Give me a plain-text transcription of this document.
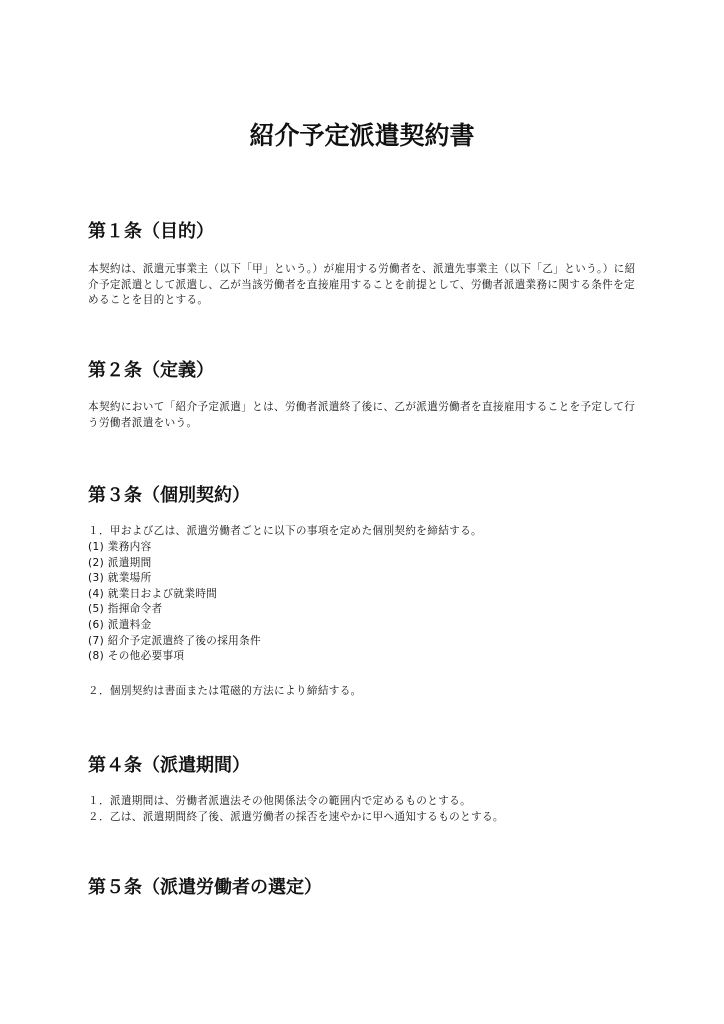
紹介予定派遣契約書
第１条（目的）

本契約は、派遣元事業主（以下「甲」という。）が雇用する労働者を、派遣先事業主（以下「乙」という。）に紹介予定派遣として派遣し、乙が当該労働者を直接雇用することを前提として、労働者派遣業務に関する条件を定めることを目的とする。

第２条（定義）

本契約において「紹介予定派遣」とは、労働者派遣終了後に、乙が派遣労働者を直接雇用することを予定して行う労働者派遣をいう。

第３条（個別契約）

１．甲および乙は、派遣労働者ごとに以下の事項を定めた個別契約を締結する。

(1) 業務内容
(2) 派遣期間
(3) 就業場所
(4) 就業日および就業時間
(5) 指揮命令者
(6) 派遣料金
(7) 紹介予定派遣終了後の採用条件
(8) その他必要事項

２．個別契約は書面または電磁的方法により締結する。

第４条（派遣期間）

１．派遣期間は、労働者派遣法その他関係法令の範囲内で定めるものとする。

２．乙は、派遣期間終了後、派遣労働者の採否を速やかに甲へ通知するものとする。

第５条（派遣労働者の選定）
